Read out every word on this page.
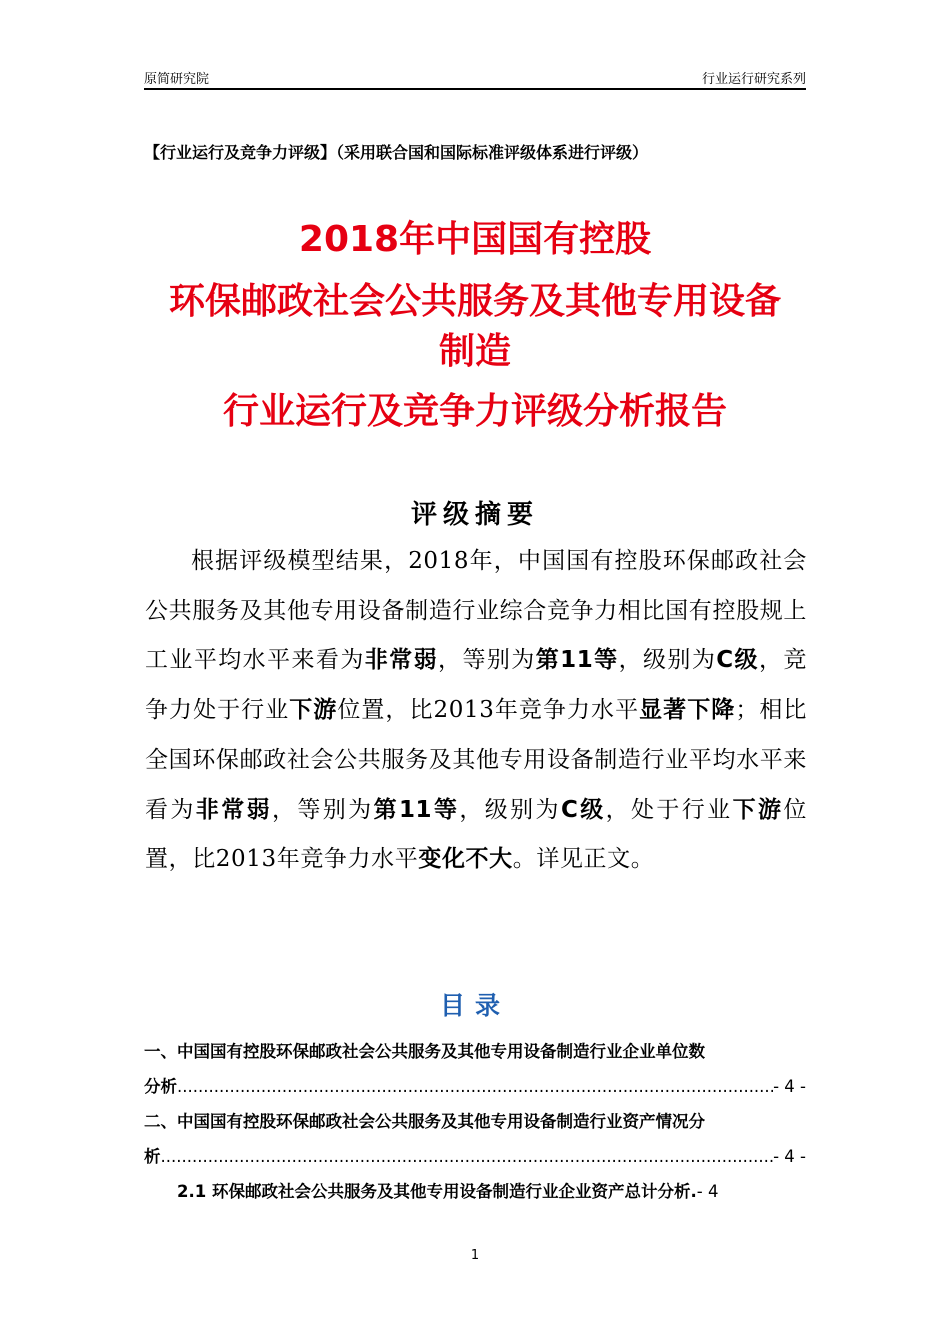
原简研究院	行业运行研究系列
【行业运行及竞争力评级】（采用联合国和国际标准评级体系进行评级）
2018年中国国有控股
环保邮政社会公共服务及其他专用设备
制造
行业运行及竞争力评级分析报告
评级摘要
根据评级模型结果，2018年，中国国有控股环保邮政社会公共服务及其他专用设备制造行业综合竞争力相比国有控股规上工业平均水平来看为非常弱，等别为第11等，级别为C级，竞争力处于行业下游位置，比2013年竞争力水平显著下降；相比全国环保邮政社会公共服务及其他专用设备制造行业平均水平来看为非常弱，等别为第11等，级别为C级，处于行业下游位置，比2013年竞争力水平变化不大。详见正文。
目录
一、中国国有控股环保邮政社会公共服务及其他专用设备制造行业企业单位数
分析 .....	- 4 -
二、中国国有控股环保邮政社会公共服务及其他专用设备制造行业资产情况分
析 .....	- 4 -
2.1 环保邮政社会公共服务及其他专用设备制造行业企业资产总计分析. - 4
1
